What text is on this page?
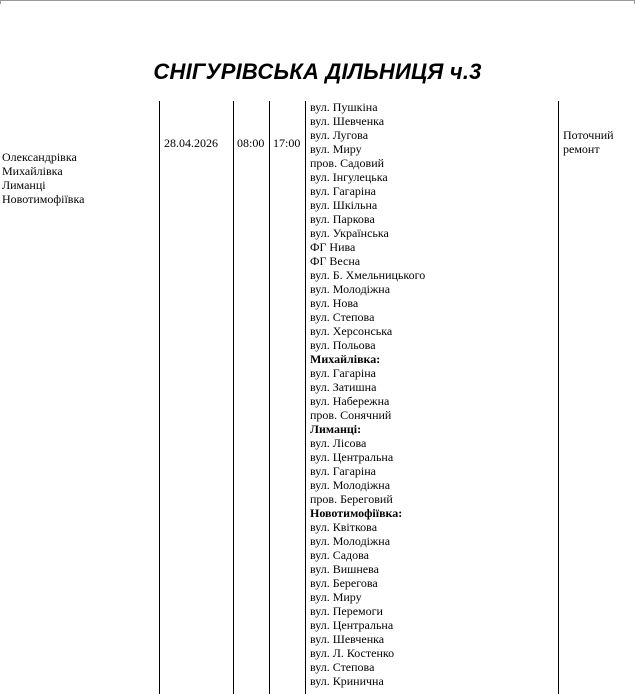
СНІГУРІВСЬКА ДІЛЬНИЦЯ ч.3
Олександрівка
Михайлівка
Лиманці
Новотимофіївка
28.04.2026 08:00 17:00
Поточний ремонт
вул. Пушкіна
вул. Шевченка
вул. Лугова
вул. Миру
пров. Садовий
вул. Інгулецька
вул. Гагаріна
вул. Шкільна
вул. Паркова
вул. Українська
ФГ Нива
ФГ Весна
вул. Б. Хмельницького
вул. Молодіжна
вул. Нова
вул. Степова
вул. Херсонська
вул. Польова
Михайлівка:
вул. Гагаріна
вул. Затишна
вул. Набережна
пров. Сонячний
Лиманці:
вул. Лісова
вул. Центральна
вул. Гагаріна
вул. Молодіжна
пров. Береговий
Новотимофіївка:
вул. Квіткова
вул. Молодіжна
вул. Садова
вул. Вишнева
вул. Берегова
вул. Миру
вул. Перемоги
вул. Центральна
вул. Шевченка
вул. Л. Костенко
вул. Степова
вул. Кринична
